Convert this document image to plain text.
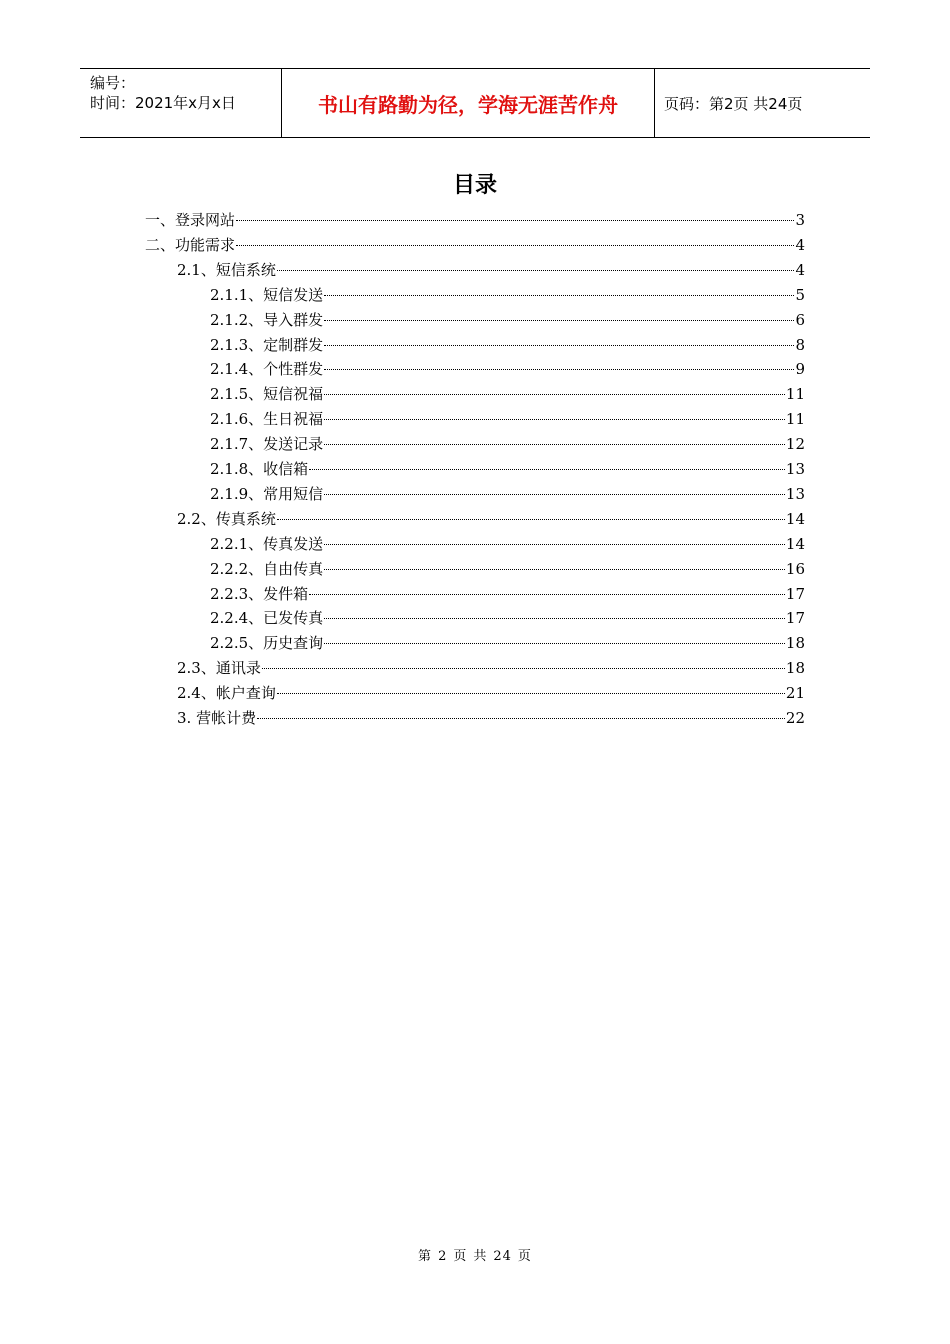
编号：
时间：2021年x月x日	书山有路勤为径，学海无涯苦作舟	页码：第2页 共24页
目录
一、登录网站	3
二、功能需求	4
2.1、短信系统	4
2.1.1、短信发送	5
2.1.2、导入群发	6
2.1.3、定制群发	8
2.1.4、个性群发	9
2.1.5、短信祝福	11
2.1.6、生日祝福	11
2.1.7、发送记录	12
2.1.8、收信箱	13
2.1.9、常用短信	13
2.2、传真系统	14
2.2.1、传真发送	14
2.2.2、自由传真	16
2.2.3、发件箱	17
2.2.4、已发传真	17
2.2.5、历史查询	18
2.3、通讯录	18
2.4、帐户查询	21
3. 营帐计费	22
第 2 页 共 24 页
